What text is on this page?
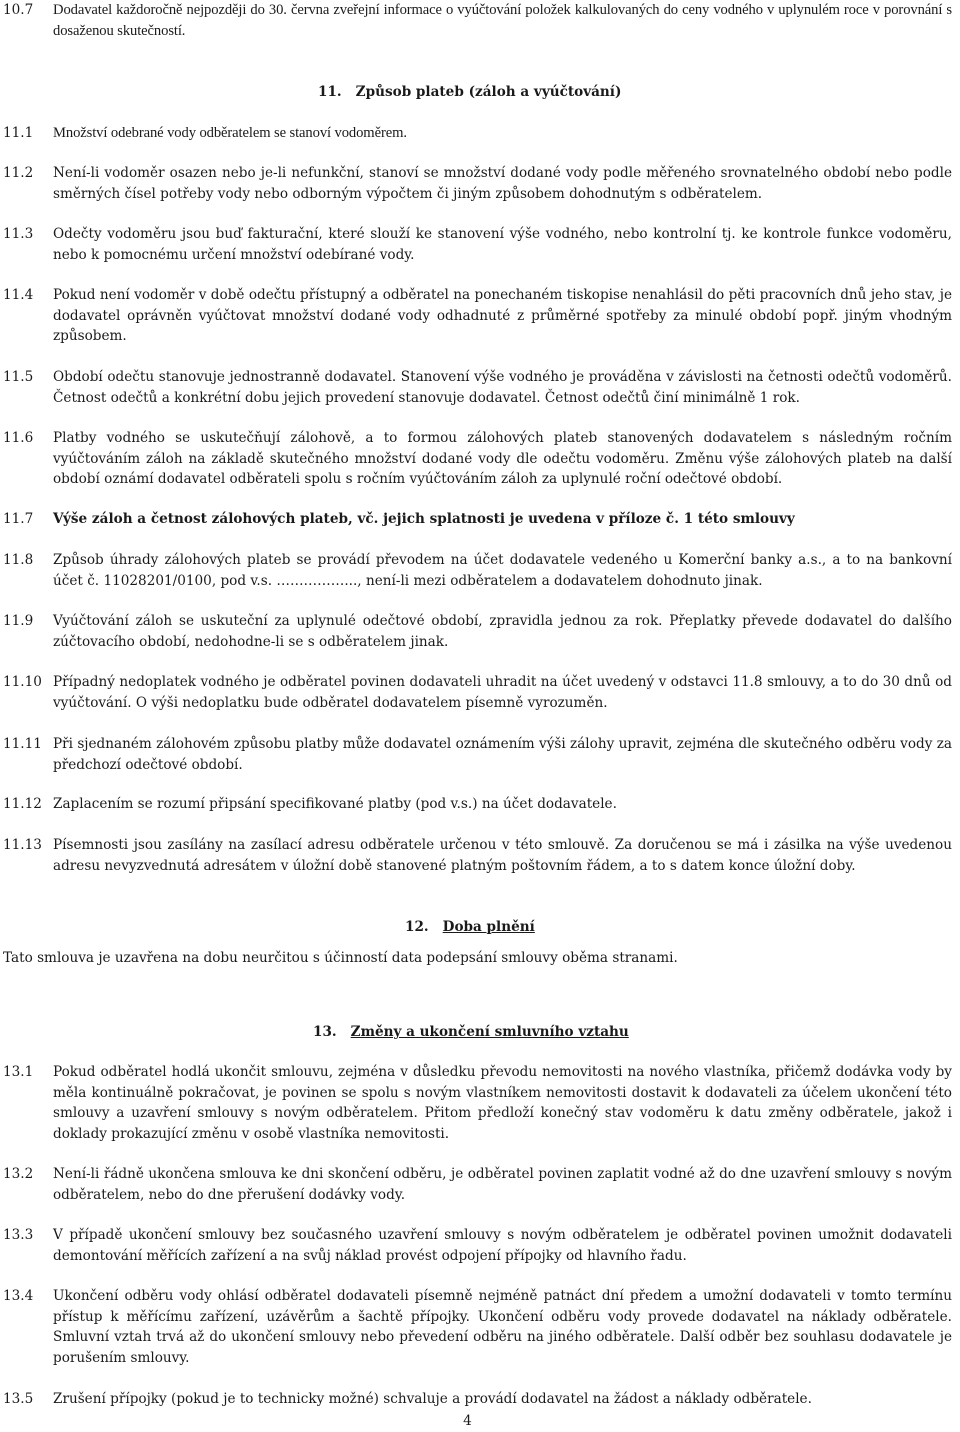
10.7 Dodavatel každoročně nejpozději do 30. června zveřejní informace o vyúčtování položek kalkulovaných do ceny vodného v uplynulém roce v porovnání s dosaženou skutečností.
11. Způsob plateb (záloh a vyúčtování)
11.1 Množství odebrané vody odběratelem se stanoví vodoměrem.
11.2 Není-li vodoměr osazen nebo je-li nefunkční, stanoví se množství dodané vody podle měřeného srovnatelného období nebo podle směrných čísel potřeby vody nebo odborným výpočtem či jiným způsobem dohodnutým s odběratelem.
11.3 Odečty vodoměru jsou buď fakturační, které slouží ke stanovení výše vodného, nebo kontrolní tj. ke kontrole funkce vodoměru, nebo k pomocnému určení množství odebírané vody.
11.4 Pokud není vodoměr v době odečtu přístupný a odběratel na ponechaném tiskopise nenahlásil do pěti pracovních dnů jeho stav, je dodavatel oprávněn vyúčtovat množství dodané vody odhadnuté z průměrné spotřeby za minulé období popř. jiným vhodným způsobem.
11.5 Období odečtu stanovuje jednostranně dodavatel. Stanovení výše vodného je prováděna v závislosti na četnosti odečtů vodoměrů. Četnost odečtů a konkrétní dobu jejich provedení stanovuje dodavatel. Četnost odečtů činí minimálně 1 rok.
11.6 Platby vodného se uskutečňují zálohově, a to formou zálohových plateb stanovených dodavatelem s následným ročním vyúčtováním záloh na základě skutečného množství dodané vody dle odečtu vodoměru. Změnu výše zálohových plateb na další období oznámí dodavatel odběrateli spolu s ročním vyúčtováním záloh za uplynulé roční odečtové období.
11.7 Výše záloh a četnost zálohových plateb, vč. jejich splatnosti je uvedena v příloze č. 1 této smlouvy
11.8 Způsob úhrady zálohových plateb se provádí převodem na účet dodavatele vedeného u Komerční banky a.s., a to na bankovní účet č. 11028201/0100, pod v.s. ……………..., není-li mezi odběratelem a dodavatelem dohodnuto jinak.
11.9 Vyúčtování záloh se uskuteční za uplynulé odečtové období, zpravidla jednou za rok. Přeplatky převede dodavatel do dalšího zúčtovacího období, nedohodne-li se s odběratelem jinak.
11.10 Případný nedoplatek vodného je odběratel povinen dodavateli uhradit na účet uvedený v odstavci 11.8 smlouvy, a to do 30 dnů od vyúčtování. O výši nedoplatku bude odběratel dodavatelem písemně vyrozuměn.
11.11 Při sjednaném zálohovém způsobu platby může dodavatel oznámením výši zálohy upravit, zejména dle skutečného odběru vody za předchozí odečtové období.
11.12 Zaplacením se rozumí připsání specifikované platby (pod v.s.) na účet dodavatele.
11.13 Písemnosti jsou zasílány na zasílací adresu odběratele určenou v této smlouvě. Za doručenou se má i zásilka na výše uvedenou adresu nevyzvednutá adresátem v úložní době stanovené platným poštovním řádem, a to s datem konce úložní doby.
12. Doba plnění
Tato smlouva je uzavřena na dobu neurčitou s účinností data podepsání smlouvy oběma stranami.
13. Změny a ukončení smluvního vztahu
13.1 Pokud odběratel hodlá ukončit smlouvu, zejména v důsledku převodu nemovitosti na nového vlastníka, přičemž dodávka vody by měla kontinuálně pokračovat, je povinen se spolu s novým vlastníkem nemovitosti dostavit k dodavateli za účelem ukončení této smlouvy a uzavření smlouvy s novým odběratelem. Přitom předloží konečný stav vodoměru k datu změny odběratele, jakož i doklady prokazující změnu v osobě vlastníka nemovitosti.
13.2 Není-li řádně ukončena smlouva ke dni skončení odběru, je odběratel povinen zaplatit vodné až do dne uzavření smlouvy s novým odběratelem, nebo do dne přerušení dodávky vody.
13.3 V případě ukončení smlouvy bez současného uzavření smlouvy s novým odběratelem je odběratel povinen umožnit dodavateli demontování měřících zařízení a na svůj náklad provést odpojení přípojky od hlavního řadu.
13.4 Ukončení odběru vody ohlásí odběratel dodavateli písemně nejméně patnáct dní předem a umožní dodavateli v tomto termínu přístup k měřícímu zařízení, uzávěrům a šachtě přípojky. Ukončení odběru vody provede dodavatel na náklady odběratele. Smluvní vztah trvá až do ukončení smlouvy nebo převedení odběru na jiného odběratele. Další odběr bez souhlasu dodavatele je porušením smlouvy.
13.5 Zrušení přípojky (pokud je to technicky možné) schvaluje a provádí dodavatel na žádost a náklady odběratele.
4
